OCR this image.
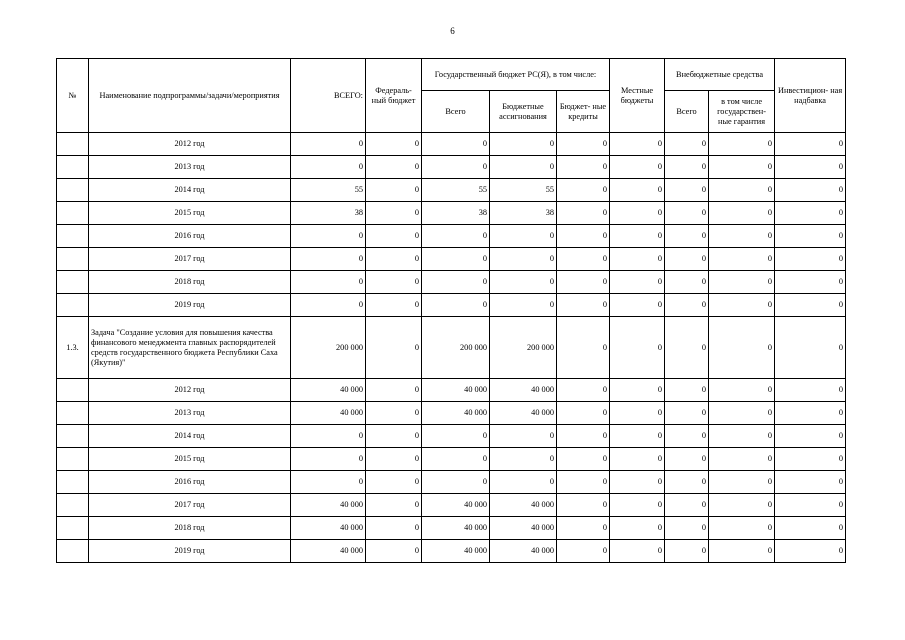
6
№	Наименование подпрограммы/задачи/мероприятия	ВСЕГО:	Федераль- ный бюджет	Государственный бюджет РС(Я), в том числе:			Местные бюджеты	Внебюджетные средства		Инвестицион- ная надбавка
				Всего	Бюджетные ассигнования	Бюджет- ные кредиты		Всего	в том числе государствен- ные гарантия	
	2012 год	0	0	0	0	0	0	0	0	0
	2013 год	0	0	0	0	0	0	0	0	0
	2014 год	55	0	55	55	0	0	0	0	0
	2015 год	38	0	38	38	0	0	0	0	0
	2016 год	0	0	0	0	0	0	0	0	0
	2017 год	0	0	0	0	0	0	0	0	0
	2018 год	0	0	0	0	0	0	0	0	0
	2019 год	0	0	0	0	0	0	0	0	0
1.3.	Задача "Создание условия для повышения качества финансового менеджмента главных распорядителей средств государственного бюджета Республики Саха (Якутия)"	200 000	0	200 000	200 000	0	0	0	0	0
	2012 год	40 000	0	40 000	40 000	0	0	0	0	0
	2013 год	40 000	0	40 000	40 000	0	0	0	0	0
	2014 год	0	0	0	0	0	0	0	0	0
	2015 год	0	0	0	0	0	0	0	0	0
	2016 год	0	0	0	0	0	0	0	0	0
	2017 год	40 000	0	40 000	40 000	0	0	0	0	0
	2018 год	40 000	0	40 000	40 000	0	0	0	0	0
	2019 год	40 000	0	40 000	40 000	0	0	0	0	0
